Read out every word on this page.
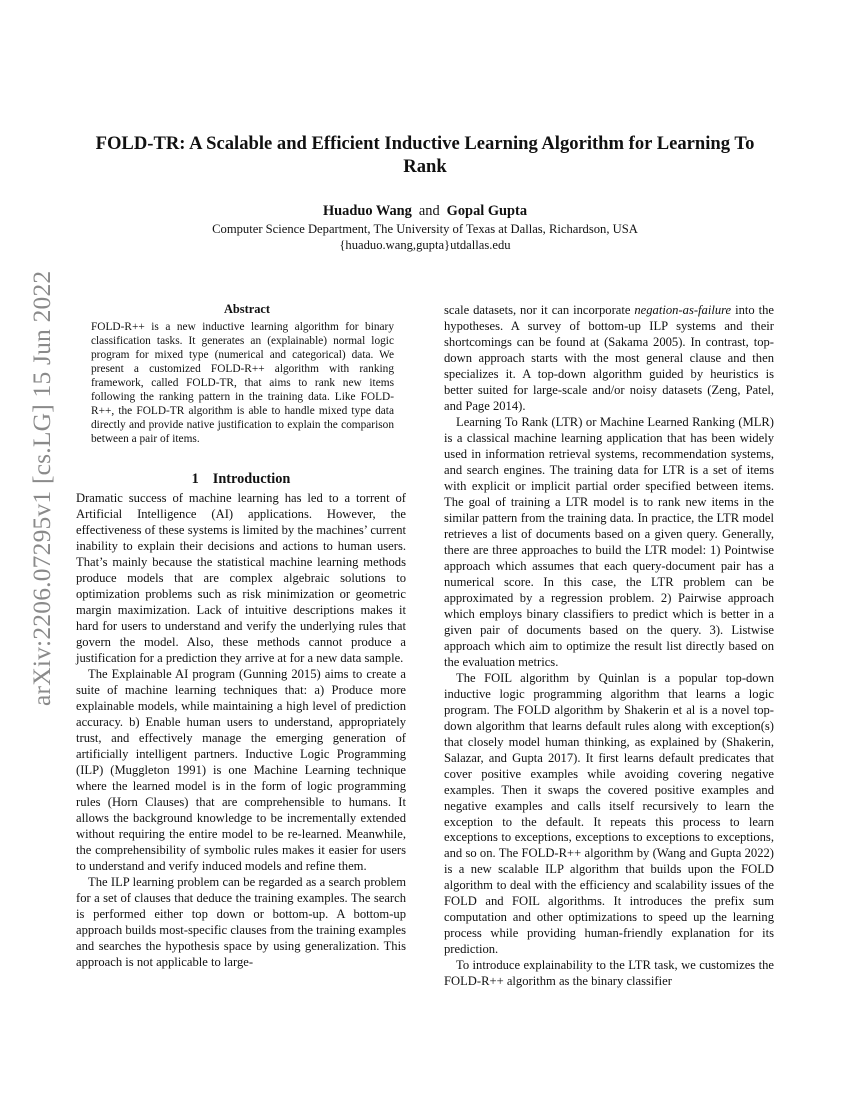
arXiv:2206.07295v1 [cs.LG] 15 Jun 2022
FOLD-TR: A Scalable and Efficient Inductive Learning Algorithm for Learning To Rank
Huaduo Wang and Gopal Gupta
Computer Science Department, The University of Texas at Dallas, Richardson, USA
{huaduo.wang,gupta}utdallas.edu
Abstract

FOLD-R++ is a new inductive learning algorithm for binary classification tasks. It generates an (explainable) normal logic program for mixed type (numerical and categorical) data. We present a customized FOLD-R++ algorithm with ranking framework, called FOLD-TR, that aims to rank new items following the ranking pattern in the training data. Like FOLD-R++, the FOLD-TR algorithm is able to handle mixed type data directly and provide native justification to explain the comparison between a pair of items.

1 Introduction

Dramatic success of machine learning has led to a torrent of Artificial Intelligence (AI) applications. However, the effectiveness of these systems is limited by the machines’ current inability to explain their decisions and actions to human users. That’s mainly because the statistical machine learning methods produce models that are complex algebraic solutions to optimization problems such as risk minimization or geometric margin maximization. Lack of intuitive descriptions makes it hard for users to understand and verify the underlying rules that govern the model. Also, these methods cannot produce a justification for a prediction they arrive at for a new data sample.

The Explainable AI program (Gunning 2015) aims to create a suite of machine learning techniques that: a) Produce more explainable models, while maintaining a high level of prediction accuracy. b) Enable human users to understand, appropriately trust, and effectively manage the emerging generation of artificially intelligent partners. Inductive Logic Programming (ILP) (Muggleton 1991) is one Machine Learning technique where the learned model is in the form of logic programming rules (Horn Clauses) that are comprehensible to humans. It allows the background knowledge to be incrementally extended without requiring the entire model to be re-learned. Meanwhile, the comprehensibility of symbolic rules makes it easier for users to understand and verify induced models and refine them.

The ILP learning problem can be regarded as a search problem for a set of clauses that deduce the training examples. The search is performed either top down or bottom-up. A bottom-up approach builds most-specific clauses from the training examples and searches the hypothesis space by using generalization. This approach is not applicable to large-

scale datasets, nor it can incorporate negation-as-failure into the hypotheses. A survey of bottom-up ILP systems and their shortcomings can be found at (Sakama 2005). In contrast, top-down approach starts with the most general clause and then specializes it. A top-down algorithm guided by heuristics is better suited for large-scale and/or noisy datasets (Zeng, Patel, and Page 2014).

Learning To Rank (LTR) or Machine Learned Ranking (MLR) is a classical machine learning application that has been widely used in information retrieval systems, recommendation systems, and search engines. The training data for LTR is a set of items with explicit or implicit partial order specified between items. The goal of training a LTR model is to rank new items in the similar pattern from the training data. In practice, the LTR model retrieves a list of documents based on a given query. Generally, there are three approaches to build the LTR model: 1) Pointwise approach which assumes that each query-document pair has a numerical score. In this case, the LTR problem can be approximated by a regression problem. 2) Pairwise approach which employs binary classifiers to predict which is better in a given pair of documents based on the query. 3). Listwise approach which aim to optimize the result list directly based on the evaluation metrics.

The FOIL algorithm by Quinlan is a popular top-down inductive logic programming algorithm that learns a logic program. The FOLD algorithm by Shakerin et al is a novel top-down algorithm that learns default rules along with exception(s) that closely model human thinking, as explained by (Shakerin, Salazar, and Gupta 2017). It first learns default predicates that cover positive examples while avoiding covering negative examples. Then it swaps the covered positive examples and negative examples and calls itself recursively to learn the exception to the default. It repeats this process to learn exceptions to exceptions, exceptions to exceptions to exceptions, and so on. The FOLD-R++ algorithm by (Wang and Gupta 2022) is a new scalable ILP algorithm that builds upon the FOLD algorithm to deal with the efficiency and scalability issues of the FOLD and FOIL algorithms. It introduces the prefix sum computation and other optimizations to speed up the learning process while providing human-friendly explanation for its prediction.

To introduce explainability to the LTR task, we customizes the FOLD-R++ algorithm as the binary classifier
